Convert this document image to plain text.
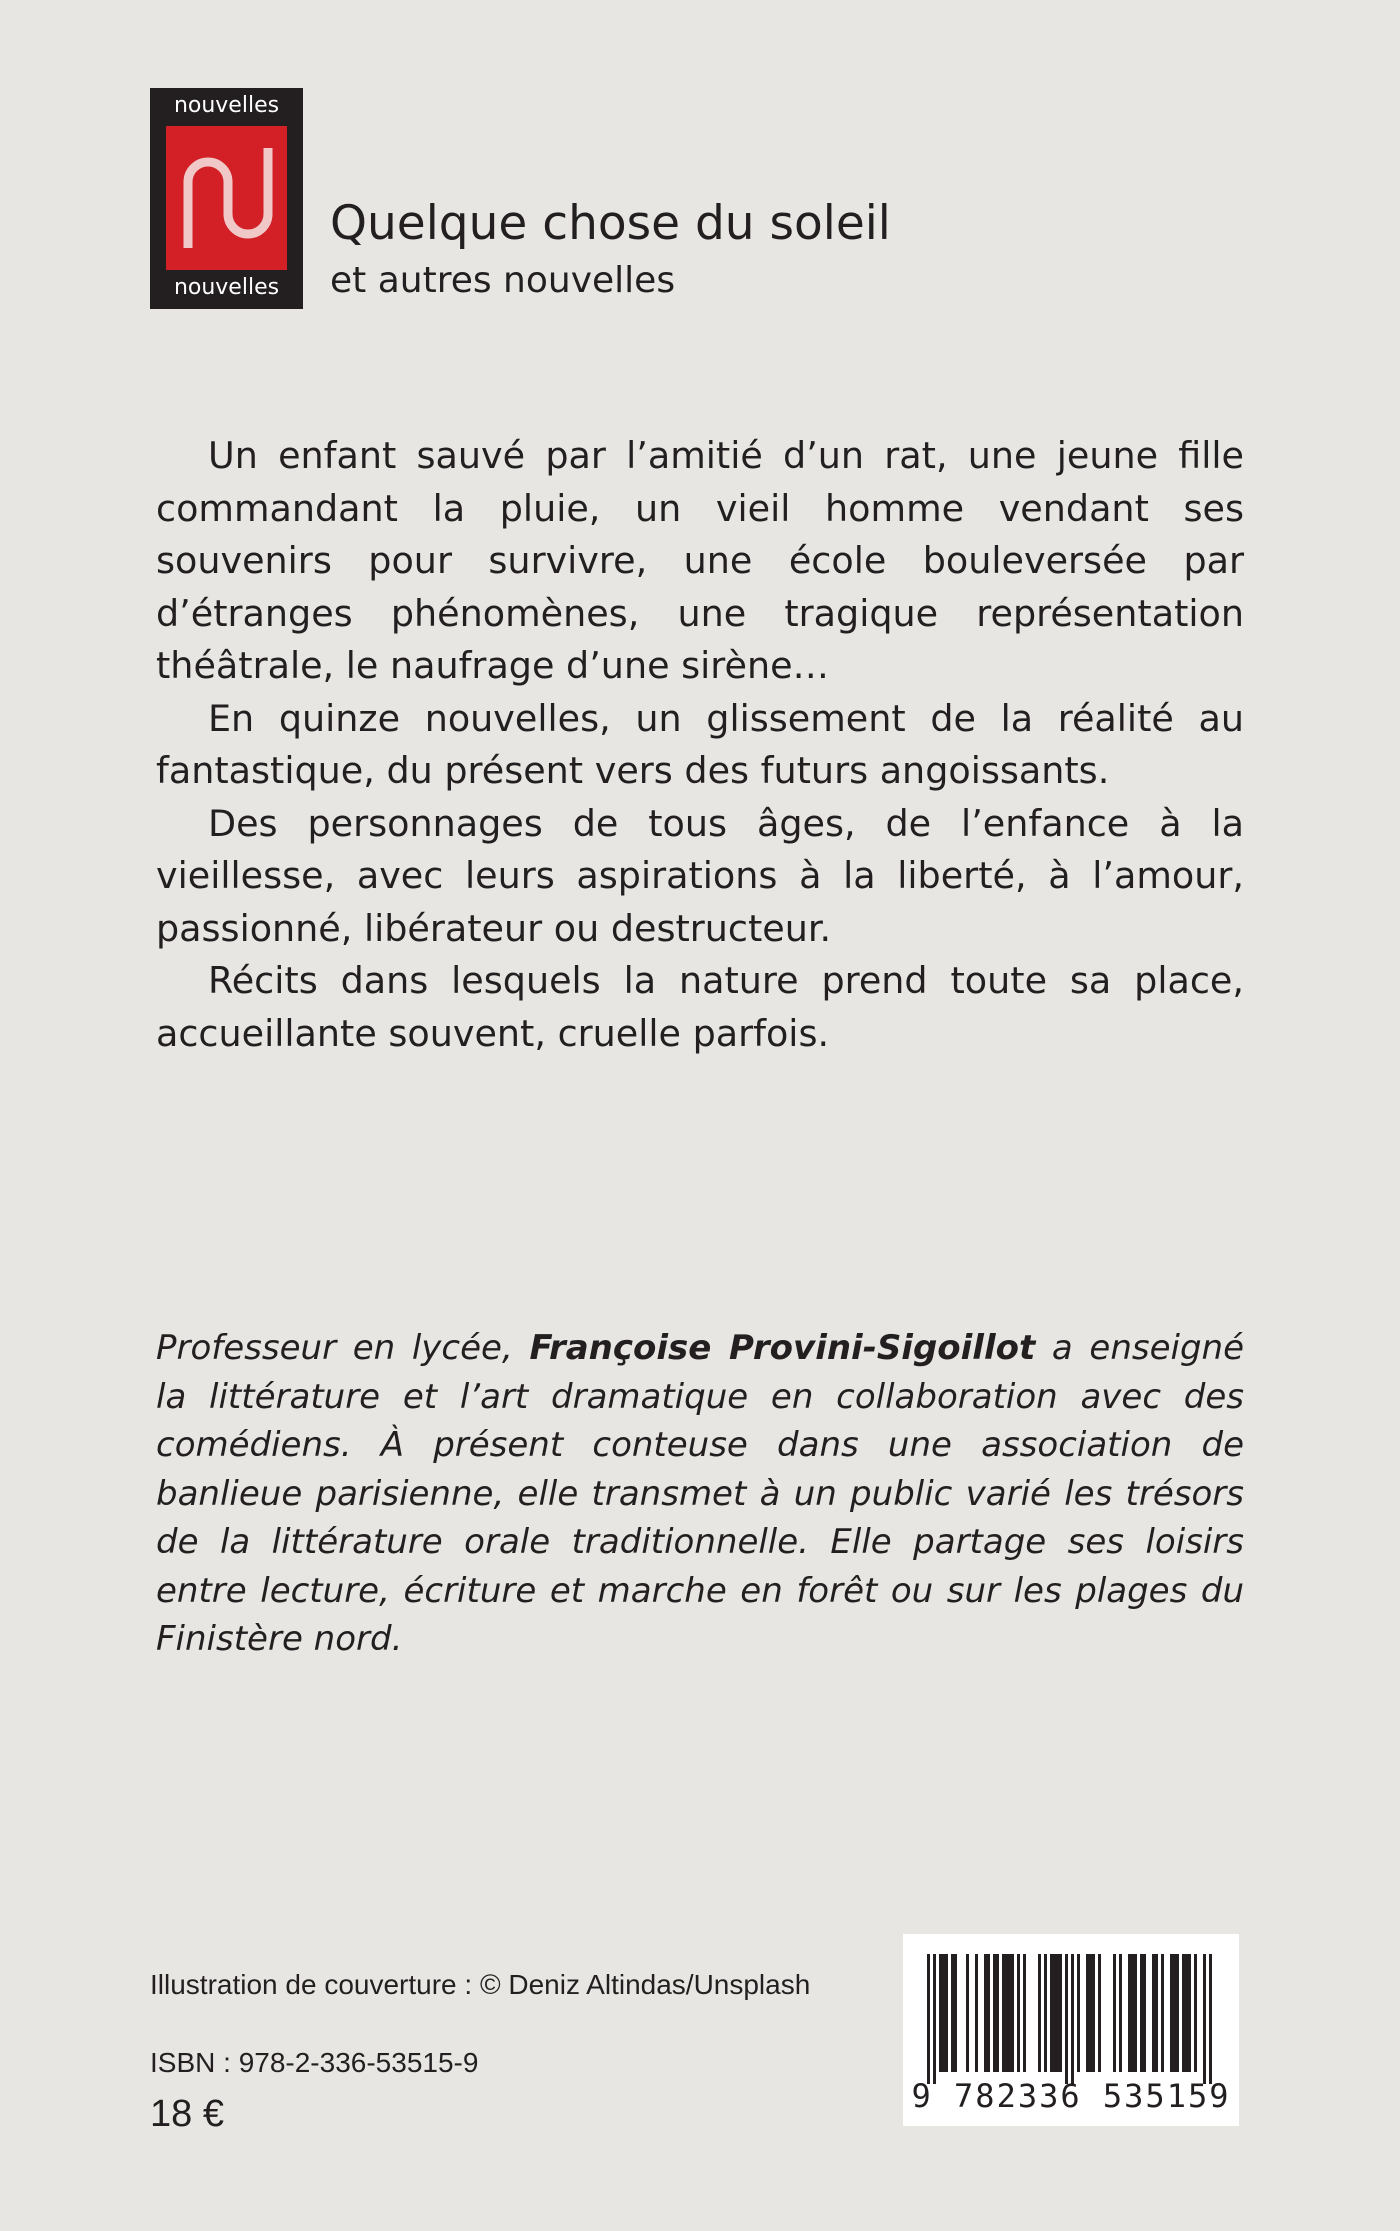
nouvelles
nouvelles
Quelque chose du soleil
et autres nouvelles

Un enfant sauvé par l’amitié d’un rat, une jeune fille commandant la pluie, un vieil homme vendant ses souvenirs pour survivre, une école bouleversée par d’étranges phénomènes, une tragique représentation théâtrale, le naufrage d’une sirène…

En quinze nouvelles, un glissement de la réalité au fantastique, du présent vers des futurs angoissants.

Des personnages de tous âges, de l’enfance à la vieillesse, avec leurs aspirations à la liberté, à l’amour, passionné, libérateur ou destructeur.

Récits dans lesquels la nature prend toute sa place, accueillante souvent, cruelle parfois.

Professeur en lycée, Françoise Provini-Sigoillot a enseigné la littérature et l’art dramatique en collaboration avec des comédiens. À présent conteuse dans une association de banlieue parisienne, elle transmet à un public varié les trésors de la littérature orale traditionnelle. Elle partage ses loisirs entre lecture, écriture et marche en forêt ou sur les plages du Finistère nord.
Illustration de couverture : © Deniz Altindas/Unsplash
ISBN : 978-2-336-53515-9
18 €	9 782336 535159
